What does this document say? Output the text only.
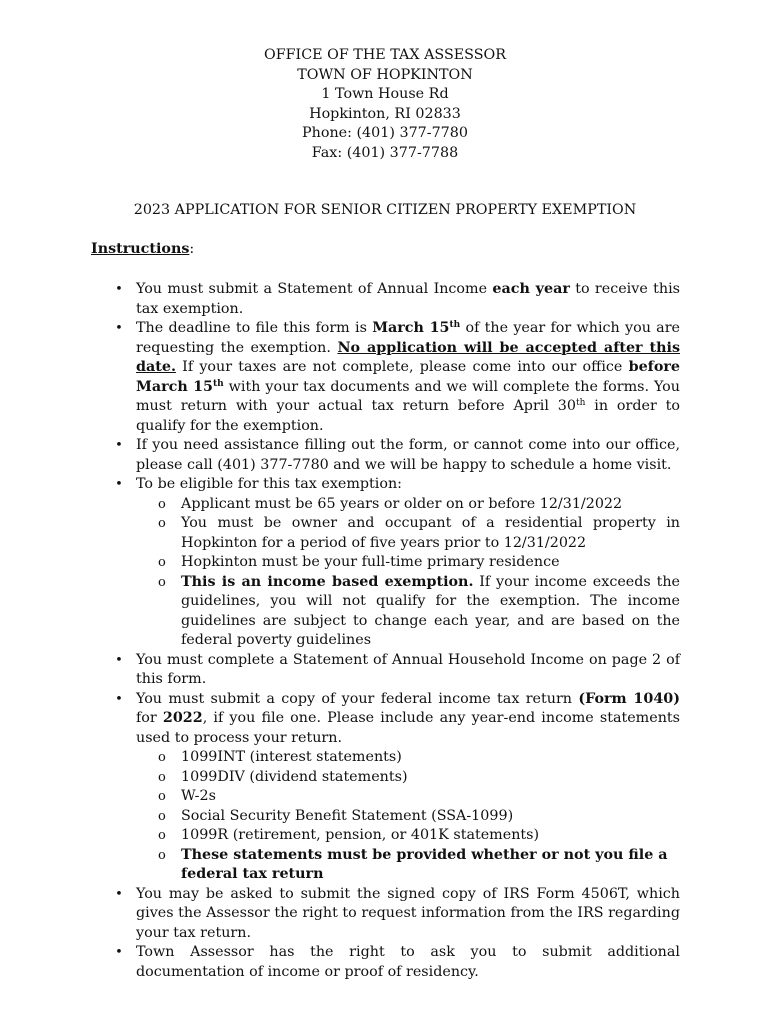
OFFICE OF THE TAX ASSESSOR
TOWN OF HOPKINTON
1 Town House Rd
Hopkinton, RI 02833
Phone: (401) 377-7780
Fax: (401) 377-7788
2023 APPLICATION FOR SENIOR CITIZEN PROPERTY EXEMPTION
Instructions:
• You must submit a Statement of Annual Income each year to receive this tax exemption.
• The deadline to file this form is March 15th of the year for which you are requesting the exemption. No application will be accepted after this date. If your taxes are not complete, please come into our office before March 15th with your tax documents and we will complete the forms. You must return with your actual tax return before April 30th in order to qualify for the exemption.
• If you need assistance filling out the form, or cannot come into our office, please call (401) 377-7780 and we will be happy to schedule a home visit.
• To be eligible for this tax exemption:
o Applicant must be 65 years or older on or before 12/31/2022
o You must be owner and occupant of a residential property in Hopkinton for a period of five years prior to 12/31/2022
o Hopkinton must be your full-time primary residence
o This is an income based exemption. If your income exceeds the guidelines, you will not qualify for the exemption. The income guidelines are subject to change each year, and are based on the federal poverty guidelines
• You must complete a Statement of Annual Household Income on page 2 of this form.
• You must submit a copy of your federal income tax return (Form 1040) for 2022, if you file one. Please include any year-end income statements used to process your return.
o 1099INT (interest statements)
o 1099DIV (dividend statements)
o W-2s
o Social Security Benefit Statement (SSA-1099)
o 1099R (retirement, pension, or 401K statements)
o These statements must be provided whether or not you file a federal tax return
• You may be asked to submit the signed copy of IRS Form 4506T, which gives the Assessor the right to request information from the IRS regarding your tax return.
• Town Assessor has the right to ask you to submit additional documentation of income or proof of residency.
